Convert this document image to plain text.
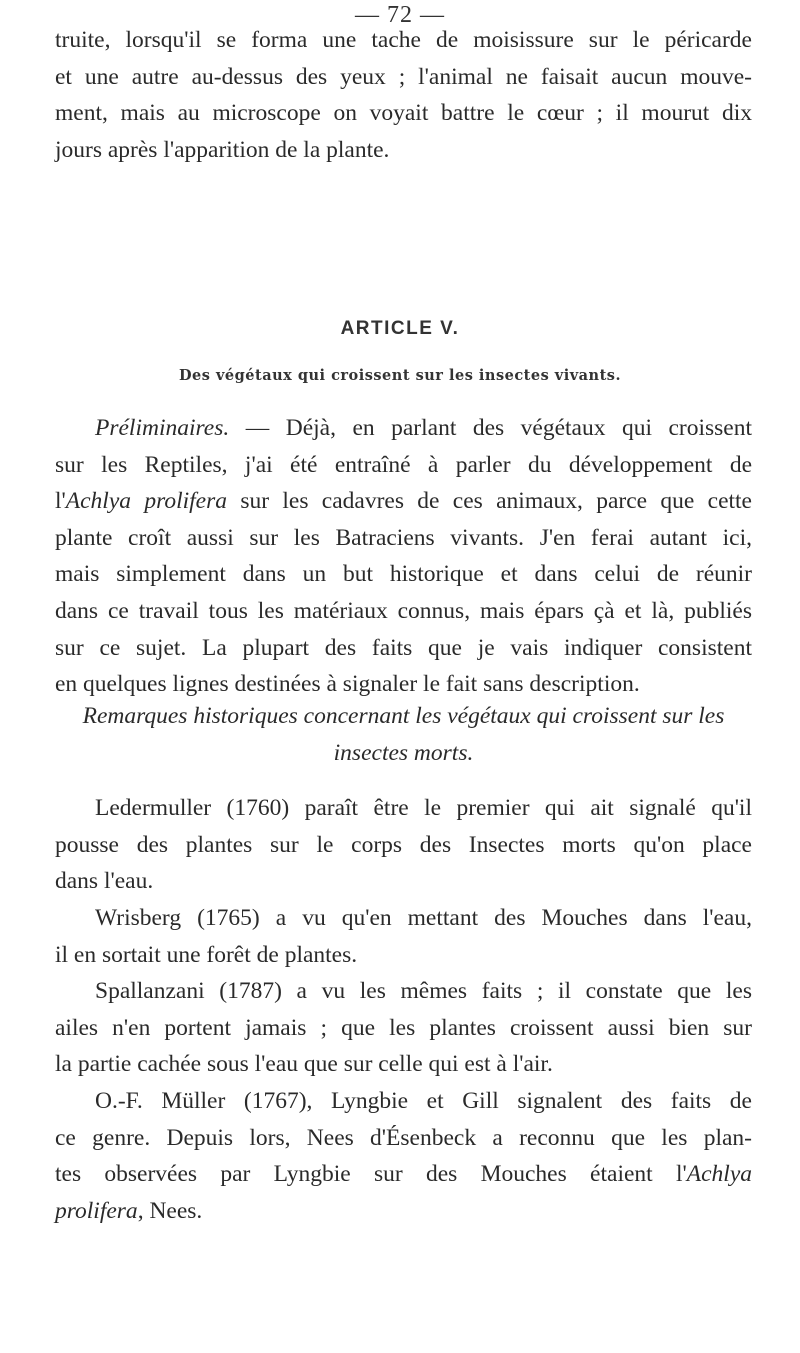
— 72 —
truite, lorsqu'il se forma une tache de moisissure sur le péricarde
et une autre au-dessus des yeux ; l'animal ne faisait aucun mouve-
ment, mais au microscope on voyait battre le cœur ; il mourut dix
jours après l'apparition de la plante.
ARTICLE V.
Des végétaux qui croissent sur les insectes vivants.
Préliminaires. — Déjà, en parlant des végétaux qui croissent
sur les Reptiles, j'ai été entraîné à parler du développement de
l'Achlya prolifera sur les cadavres de ces animaux, parce que cette
plante croît aussi sur les Batraciens vivants. J'en ferai autant ici,
mais simplement dans un but historique et dans celui de réunir
dans ce travail tous les matériaux connus, mais épars çà et là, publiés
sur ce sujet. La plupart des faits que je vais indiquer consistent
en quelques lignes destinées à signaler le fait sans description.
Remarques historiques concernant les végétaux qui croissent sur les
insectes morts.
Ledermuller (1760) paraît être le premier qui ait signalé qu'il
pousse des plantes sur le corps des Insectes morts qu'on place
dans l'eau.
Wrisberg (1765) a vu qu'en mettant des Mouches dans l'eau,
il en sortait une forêt de plantes.
Spallanzani (1787) a vu les mêmes faits ; il constate que les
ailes n'en portent jamais ; que les plantes croissent aussi bien sur
la partie cachée sous l'eau que sur celle qui est à l'air.
O.-F. Müller (1767), Lyngbie et Gill signalent des faits de
ce genre. Depuis lors, Nees d'Ésenbeck a reconnu que les plan-
tes observées par Lyngbie sur des Mouches étaient l'Achlya
prolifera, Nees.
